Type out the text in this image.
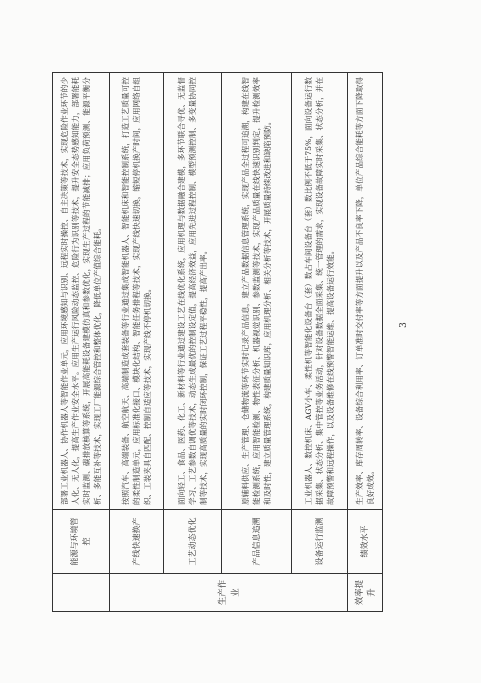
	能源与环境管控	部署工业机器人、协作机器人等智能作业单元，应用环境感知与识别、远程实时操控、自主决策等技术，实现危险作业环节的少人化、无人化，提高生产作业安全水平。应用生产运行风险动态监控、危险行为识别等技术，提升安全态势感知能力，部署能耗实时监测、碳排放核算等系统，开展高能耗设备建模仿真和参数优化，实现生产过程的节能减排；应用负荷预测、能源平衡分析、多能互补等技术，实现工厂能源综合管控和整体优化，降低单位产值综合能耗。
生产作业	产线快速换产	按照汽车、高端装备、航空航天、高端制造成套装备等行业通过集成智能机器人、智能机床和智能控制系统，打造工艺质量可控的柔性制造单元，应用标准化接口、模块化结构、智能任务排程等技术，实现产线快速切换，缩短停机换产时间，应用网络自组织、工装夹具自匹配、控制自适应等技术，实现产线不停机切换。
	工艺动态优化	面向轻工、食品、医药、化工、新材料等行业通过建设工艺在线优化系统，应用机理与数据融合建模，多环节联合寻优、无监督学习、工艺参数自调优等技术，动态生成最优的控制设定值，提高经济效益，应用先进过程控制、模型预测控制、多变量协同控制等技术，实现高质量的实时闭环控制，保证工艺过程平稳性，提高产出率。
	产品信息追溯	原辅料供应、生产管理、仓储物流等环节实时记录产品信息，建立产品数据信息管理系统，实现产品全过程可追溯，构建在线智能检测系统，应用智能检测、物性表征分析、机器视觉识别、参数监测等技术，实现产品质量在线快速识别判定，提升检测效率和及时性，建立质量管理系统，构建质量知识库，应用机理分析、相关分析等技术，开展质量持续改进和缺陷预防。
	设备运行监测	工业机器人、数控机床、AGV小车、柔性机等智能化设备台（套）数占车间设备台（套）数比例不低于75%，面向设备运行数据采集、状态分析、集中管控等业务活动，针对设备数据全面采集、统一管理的需求，实现设备故障实时采集、状态分析，并在故障预警和远程操作，以及设备维修在线预警智能运维、提高设备运行效能。
效率提升	绩效水平	生产效率、库存周转率、设备综合利用率、订单准时交付率等方面提升以及产品不良率下降，单位产品综合能耗等方面下降取得良好成效。
3
